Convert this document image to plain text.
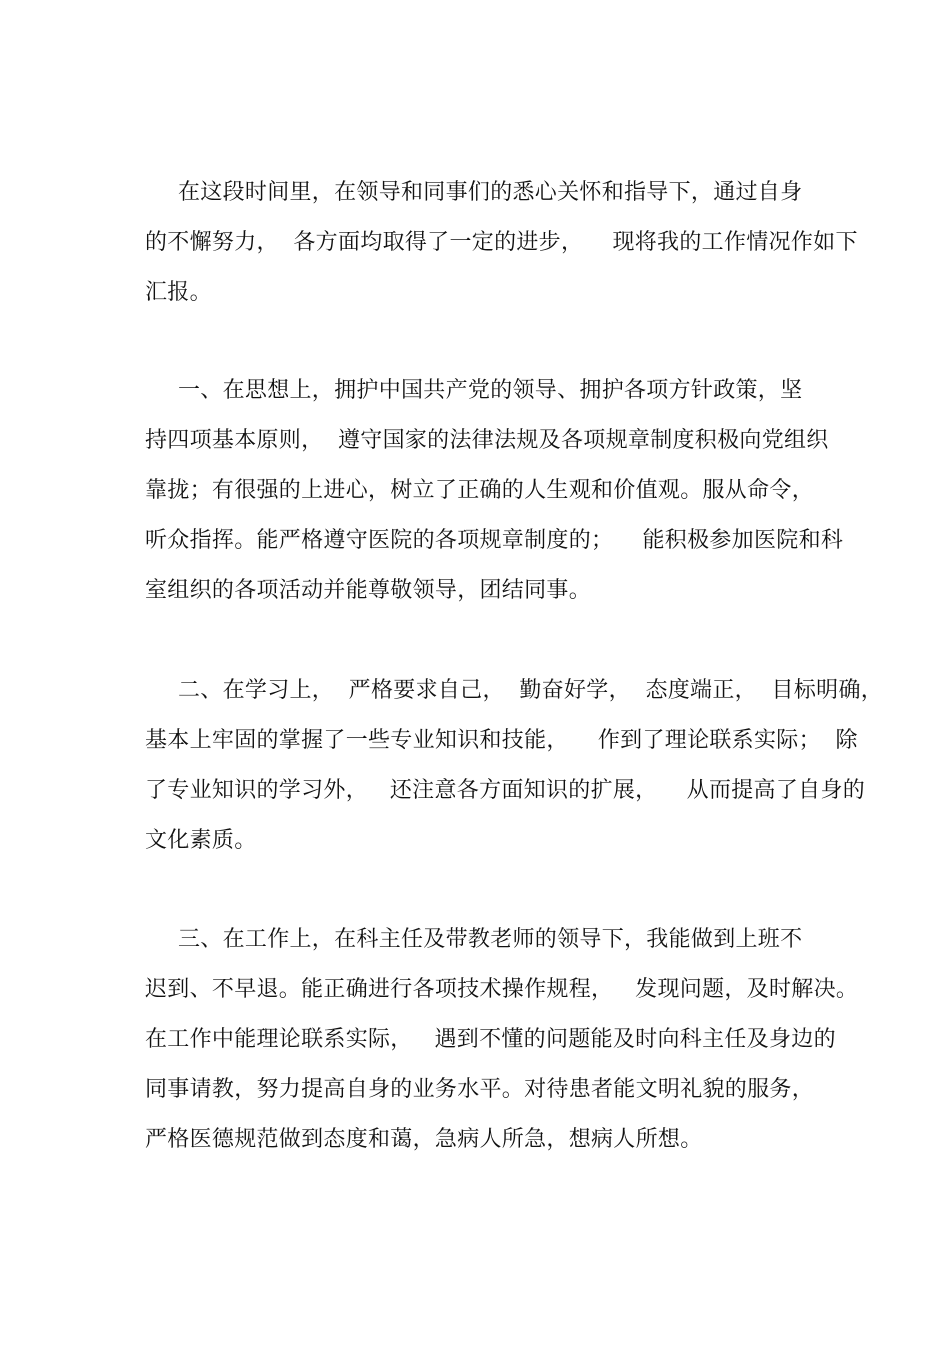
在这段时间里，在领导和同事们的悉心关怀和指导下，通过自身
的不懈努力，  各方面均取得了一定的进步，    现将我的工作情况作如下
汇报。
一、在思想上，拥护中国共产党的领导、拥护各项方针政策，坚
持四项基本原则，  遵守国家的法律法规及各项规章制度积极向党组织
靠拢；有很强的上进心，树立了正确的人生观和价值观。服从命令，
听众指挥。能严格遵守医院的各项规章制度的；    能积极参加医院和科
室组织的各项活动并能尊敬领导，团结同事。
二、在学习上，  严格要求自己，  勤奋好学，  态度端正，  目标明确，
基本上牢固的掌握了一些专业知识和技能，    作到了理论联系实际；  除
了专业知识的学习外，   还注意各方面知识的扩展，    从而提高了自身的
文化素质。
三、在工作上，在科主任及带教老师的领导下，我能做到上班不
迟到、不早退。能正确进行各项技术操作规程，   发现问题，及时解决。
在工作中能理论联系实际，   遇到不懂的问题能及时向科主任及身边的
同事请教，努力提高自身的业务水平。对待患者能文明礼貌的服务，
严格医德规范做到态度和蔼，急病人所急，想病人所想。
